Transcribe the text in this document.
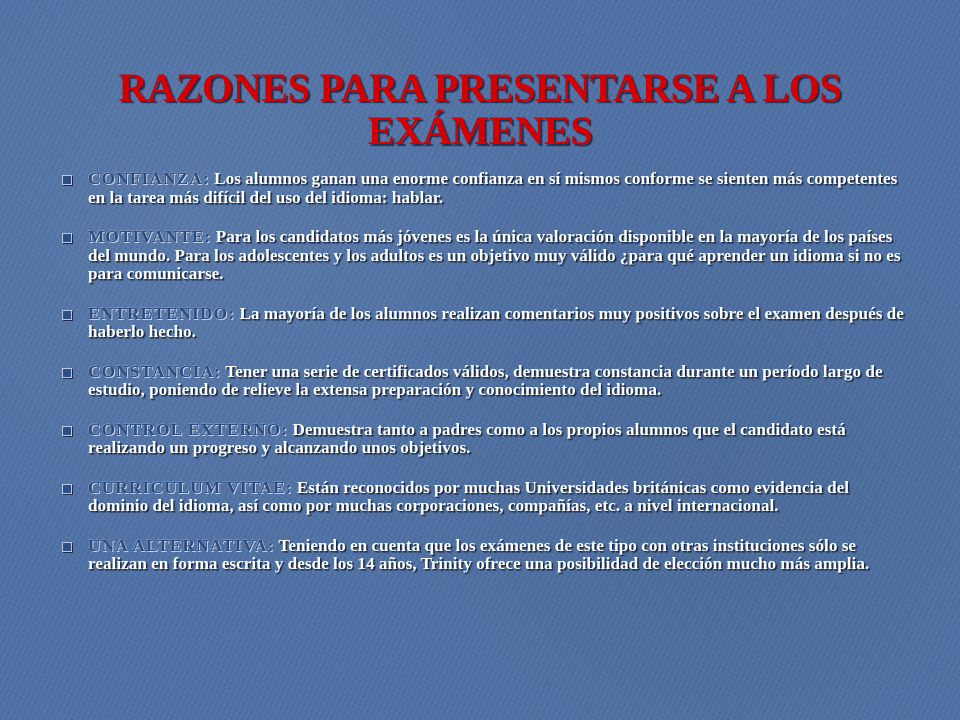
RAZONES PARA PRESENTARSE A LOS EXÁMENES
CONFIANZA: Los alumnos ganan una enorme confianza en sí mismos conforme se sienten más competentes en la tarea más difícil del uso del idioma: hablar.
MOTIVANTE: Para los candidatos más jóvenes es la única valoración disponible en la mayoría de los países del mundo. Para los adolescentes y los adultos es un objetivo muy válido ¿para qué aprender un idioma si no es para comunicarse.
ENTRETENIDO: La mayoría de los alumnos realizan comentarios muy positivos sobre el examen después de haberlo hecho.
CONSTANCIA: Tener una serie de certificados válidos, demuestra constancia durante un período largo de estudio, poniendo de relieve la extensa preparación y conocimiento del idioma.
CONTROL EXTERNO: Demuestra tanto a padres como a los propios alumnos que el candidato está realizando un progreso y alcanzando unos objetivos.
CURRICULUM VITAE: Están reconocidos por muchas Universidades británicas como evidencia del dominio del idioma, así como por muchas corporaciones, compañías, etc. a nivel internacional.
UNA ALTERNATIVA: Teniendo en cuenta que los exámenes de este tipo con otras instituciones sólo se realizan en forma escrita y desde los 14 años, Trinity ofrece una posibilidad de elección mucho más amplia.
